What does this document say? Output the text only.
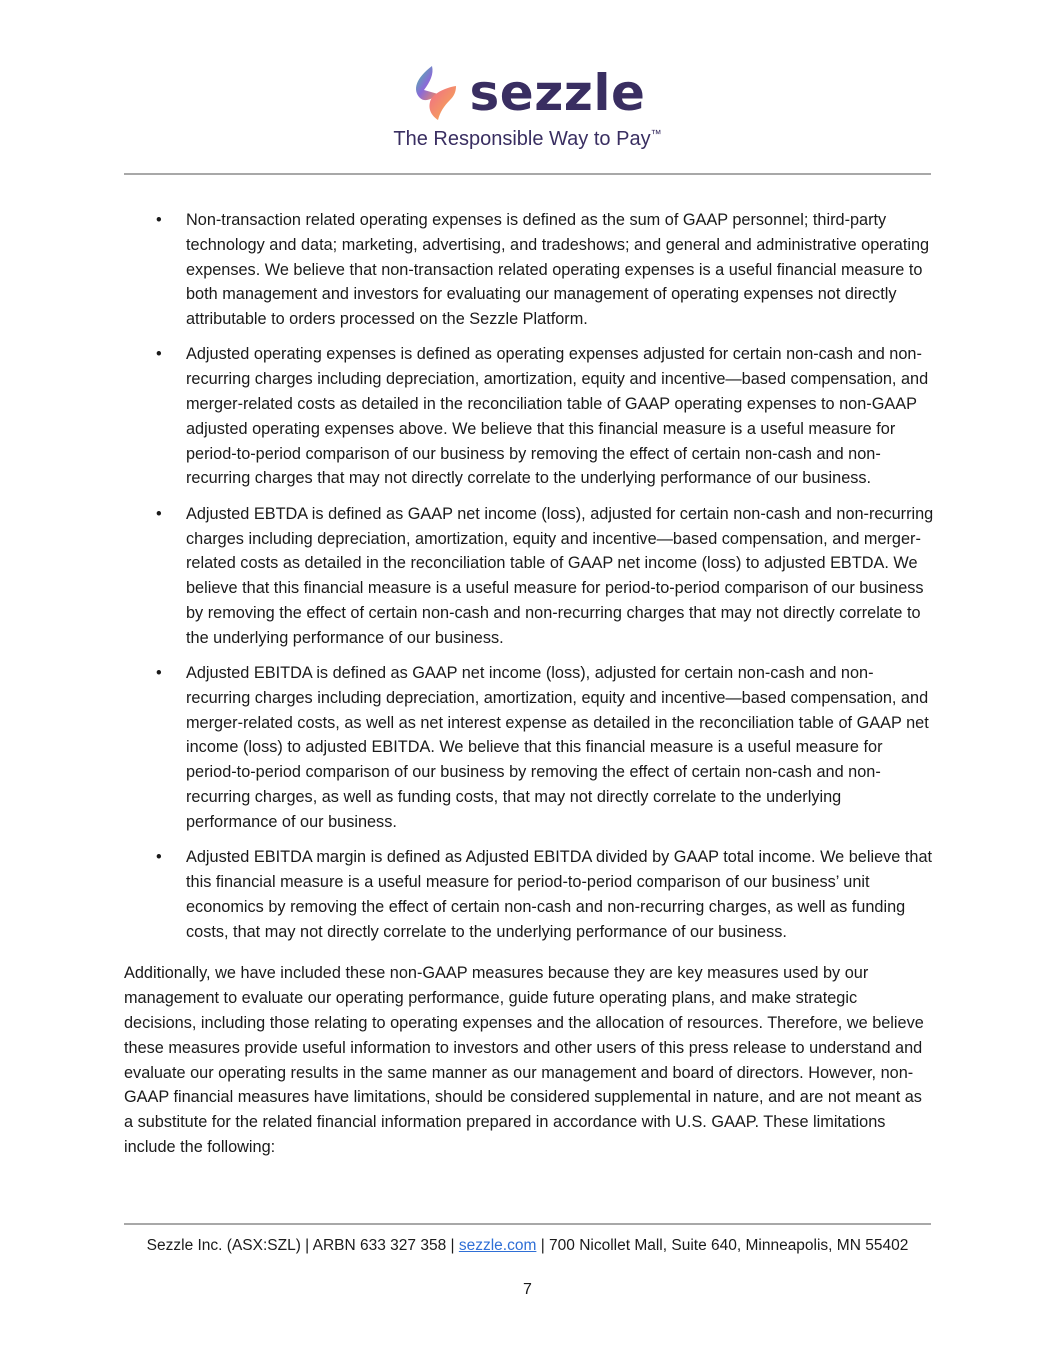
sezzle
The Responsible Way to Pay™
• Non-transaction related operating expenses is defined as the sum of GAAP personnel; third-party technology and data; marketing, advertising, and tradeshows; and general and administrative operating expenses. We believe that non-transaction related operating expenses is a useful financial measure to both management and investors for evaluating our management of operating expenses not directly attributable to orders processed on the Sezzle Platform.
• Adjusted operating expenses is defined as operating expenses adjusted for certain non-cash and non-recurring charges including depreciation, amortization, equity and incentive—based compensation, and merger-related costs as detailed in the reconciliation table of GAAP operating expenses to non-GAAP adjusted operating expenses above. We believe that this financial measure is a useful measure for period-to-period comparison of our business by removing the effect of certain non-cash and non-recurring charges that may not directly correlate to the underlying performance of our business.
• Adjusted EBTDA is defined as GAAP net income (loss), adjusted for certain non-cash and non-recurring charges including depreciation, amortization, equity and incentive—based compensation, and merger-related costs as detailed in the reconciliation table of GAAP net income (loss) to adjusted EBTDA. We believe that this financial measure is a useful measure for period-to-period comparison of our business by removing the effect of certain non-cash and non-recurring charges that may not directly correlate to the underlying performance of our business.
• Adjusted EBITDA is defined as GAAP net income (loss), adjusted for certain non-cash and non-recurring charges including depreciation, amortization, equity and incentive—based compensation, and merger-related costs, as well as net interest expense as detailed in the reconciliation table of GAAP net income (loss) to adjusted EBITDA. We believe that this financial measure is a useful measure for period-to-period comparison of our business by removing the effect of certain non-cash and non-recurring charges, as well as funding costs, that may not directly correlate to the underlying performance of our business.
• Adjusted EBITDA margin is defined as Adjusted EBITDA divided by GAAP total income. We believe that this financial measure is a useful measure for period-to-period comparison of our business’ unit economics by removing the effect of certain non-cash and non-recurring charges, as well as funding costs, that may not directly correlate to the underlying performance of our business.

Additionally, we have included these non-GAAP measures because they are key measures used by our management to evaluate our operating performance, guide future operating plans, and make strategic decisions, including those relating to operating expenses and the allocation of resources. Therefore, we believe these measures provide useful information to investors and other users of this press release to understand and evaluate our operating results in the same manner as our management and board of directors. However, non-GAAP financial measures have limitations, should be considered supplemental in nature, and are not meant as a substitute for the related financial information prepared in accordance with U.S. GAAP. These limitations include the following:

Sezzle Inc. (ASX:SZL) | ARBN 633 327 358 | sezzle.com | 700 Nicollet Mall, Suite 640, Minneapolis, MN 55402
7
